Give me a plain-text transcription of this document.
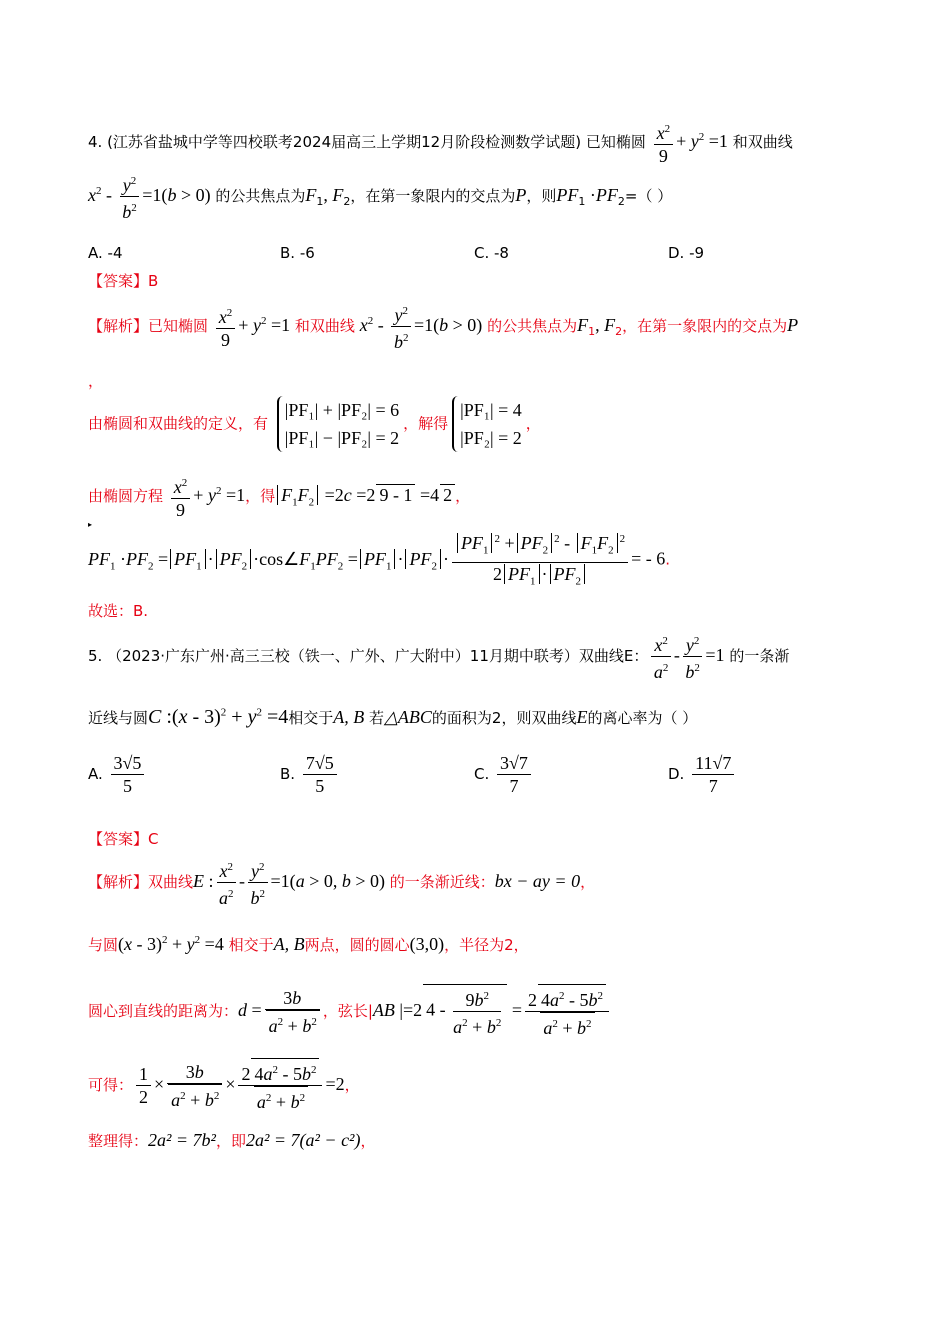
4. (江苏省盐城中学等四校联考2024届高三上学期12月阶段检测数学试题) 已知椭圆 $\frac{x^2}{9} + y^2 =1$ 和双曲线
$x^2 - \frac{y^2}{b^2} =1(b > 0)$ 的公共焦点为$F_1$, $F_2$，在第一象限内的交点为P，则$PF_1 \cdot PF_2=$（ ）
A. -4	B. -6	C. -8	D. -9
【答案】B
【解析】已知椭圆 $\frac{x^2}{9} + y^2 =1$ 和双曲线 $x^2 - \frac{y^2}{b^2} =1(b > 0)$ 的公共焦点为$F_1$, $F_2$，在第一象限内的交点为P
，
由椭圆和双曲线的定义，有
|PF₁| + |PF₂| = 6
|PF₁| − |PF₂| = 2
，解得
|PF₁| = 4
|PF₂| = 2
，
由椭圆方程 $\frac{x^2}{9} + y^2 =1$，得 $F_1F_2 =2c =2$ 9 - 1 =4 2 ，
▸
$PF_1 \cdot PF_2 = PF_1 \cdot PF_2$ $\cdot\cos\angle F_1PF_2 = PF_1 \cdot PF_2 \cdot \frac{PF_1^2 + PF_2^2 - F_1F_2^2}{2 PF_1 \cdot PF_2}$ = - 6.
故选：B.
5. （2023·广东广州·高三三校（铁一、广外、广大附中）11月期中联考）双曲线E： $\frac{x^2}{a^2} - \frac{y^2}{b^2} =1$ 的一条渐
近线与圆C :(x - $3)^2 + y^2 =4$相交于A, B 若△ABC的面积为2，则双曲线E的离心率为（ ）
A. $\frac{3√5}{5}$	B. $\frac{7√5}{5}$	C. $\frac{3√7}{7}$	D. $\frac{11√7}{7}$
【答案】C
【解析】双曲线E : $\frac{x^2}{a^2} - \frac{y^2}{b^2} =1(a > 0$, b > 0) 的一条渐近线：bx − ay = 0，
与圆$(x - 3)^2 + y^2 =4$ 相交于A, B两点，圆的圆心(3,0)，半径为2，
圆心到直线的距离为：$d = \frac{3b}{a^2 + b^2}$ ，弦长|AB |=2 $4 - \frac{9b^2}{a^2 + b^2} = \frac{2 4a^2 - 5b^2}{a^2 + b^2}$
可得： $\frac{1}{2} \times \frac{3b}{a^2 + b^2} \times \frac{2 4a^2 - 5b^2}{a^2 + b^2} =2$，
整理得：2a² = 7b²，即2a² = 7(a² − c²)，
